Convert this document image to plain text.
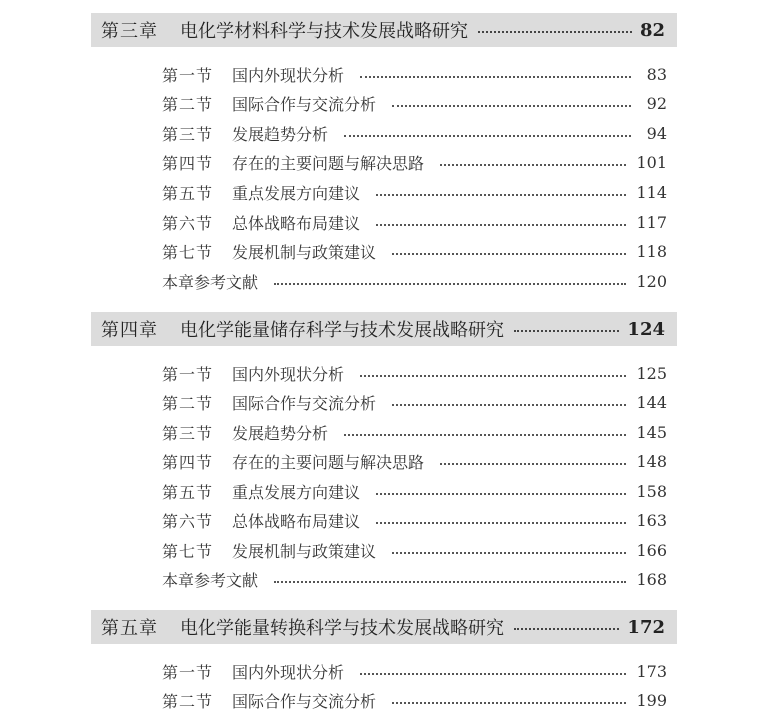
第三章 电化学材料科学与技术发展战略研究	82
第一节	国内外现状分析	83
第二节	国际合作与交流分析	92
第三节	发展趋势分析	94
第四节	存在的主要问题与解决思路	101
第五节	重点发展方向建议	114
第六节	总体战略布局建议	117
第七节	发展机制与政策建议	118
本章参考文献	120
第四章 电化学能量储存科学与技术发展战略研究	124
第一节	国内外现状分析	125
第二节	国际合作与交流分析	144
第三节	发展趋势分析	145
第四节	存在的主要问题与解决思路	148
第五节	重点发展方向建议	158
第六节	总体战略布局建议	163
第七节	发展机制与政策建议	166
本章参考文献	168
第五章 电化学能量转换科学与技术发展战略研究	172
第一节	国内外现状分析	173
第二节	国际合作与交流分析	199
